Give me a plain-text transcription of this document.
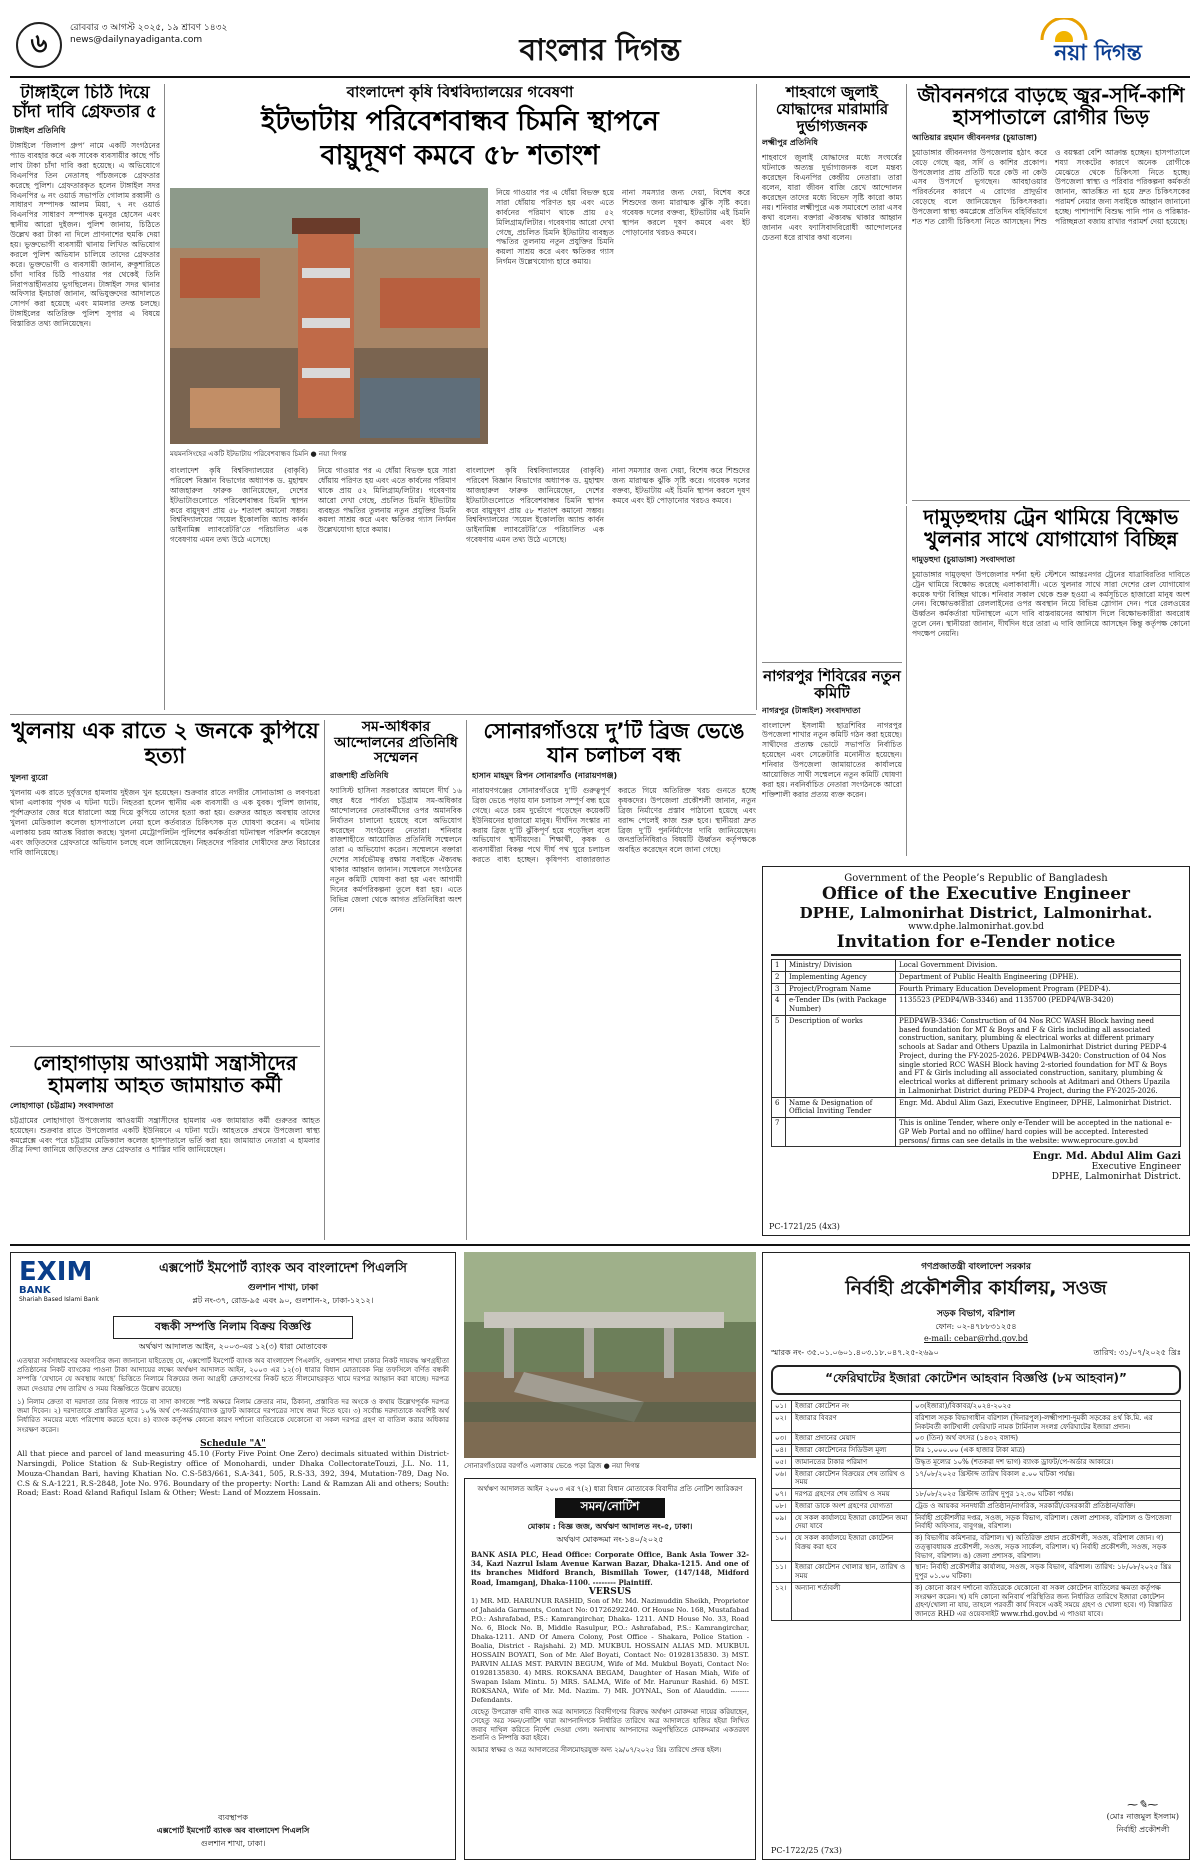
৬
রোববার ৩ আগস্ট ২০২৫, ১৯ শ্রাবণ ১৪৩২
news@dailynayadiganta.com	বাংলার দিগন্ত	নয়া দিগন্ত
টাঙ্গাইলে চিঠি দিয়ে চাঁদা দাবি গ্রেফতার ৫
টাঙ্গাইল প্রতিনিধি
টাঙ্গাইলে ‘জিলাপ গ্রুপ’ নামে একটি সংগঠনের প্যাড ব্যবহার করে এক সাবেক ব্যবসায়ীর কাছে পাঁচ লাখ টাকা চাঁদা দাবি করা হয়েছে। এ অভিযোগে বিএনপির তিন নেতাসহ পাঁচজনকে গ্রেফতার করেছে পুলিশ। গ্রেফতারকৃত হলেন টাঙ্গাইল সদর বিএনপির ৬ নং ওয়ার্ড সভাপতি গোলাম রব্বানী ও সাধারণ সম্পাদক আলম মিয়া, ৭ নং ওয়ার্ড বিএনপির সাধারণ সম্পাদক মুনসুর হোসেন এবং স্থানীয় আরো দুইজন। পুলিশ জানায়, চিঠিতে উল্লেখ করা টাকা না দিলে প্রাণনাশের হুমকি দেয়া হয়। ভুক্তভোগী ব্যবসায়ী থানায় লিখিত অভিযোগ করলে পুলিশ অভিযান চালিয়ে তাদের গ্রেফতার করে। ভুক্তভোগী ও ব্যবসায়ী জানান, রুকুশারিতে চাঁদা দাবির চিঠি পাওয়ার পর থেকেই তিনি নিরাপত্তাহীনতায় ভুগছিলেন। টাঙ্গাইল সদর থানার অফিসার ইনচার্জ জানান, অভিযুক্তদের আদালতে সোপর্দ করা হয়েছে এবং মামলার তদন্ত চলছে। টাঙ্গাইলের অতিরিক্ত পুলিশ সুপার এ বিষয়ে বিস্তারিত তথ্য জানিয়েছেন।
বাংলাদেশ কৃষি বিশ্ববিদ্যালয়ের গবেষণা
ইটভাটায় পরিবেশবান্ধব চিমনি স্থাপনে
বায়ুদূষণ কমবে ৫৮ শতাংশ
ময়মনসিংহের একটি ইটভাটায় পরিবেশবান্ধব চিমনি ● নয়া দিগন্ত
বাংলাদেশ কৃষি বিশ্ববিদ্যালয়ের (বাকৃবি) পরিবেশ বিজ্ঞান বিভাগের অধ্যাপক ড. মুহাম্মদ আজহারুল ফারুক জানিয়েছেন, দেশের ইটভাটাগুলোতে পরিবেশবান্ধব চিমনি স্থাপন করে বায়ুদূষণ প্রায় ৫৮ শতাংশ কমানো সম্ভব। বিশ্ববিদ্যালয়ের ‘সয়েল ইকোলজি অ্যান্ড কার্বন ডাইনামিক্স ল্যাবরেটরি’তে পরিচালিত এক গবেষণায় এমন তথ্য উঠে এসেছে।
নিয়ে গাওয়ার পর এ ধোঁয়া বিভক্ত হয়ে সারা ধোঁয়ায় পরিণত হয় এবং এতে কার্বনের পরিমাণ থাকে প্রায় ৫২ মিলিগ্রাম/লিটার। গবেষণায় আরো দেখা গেছে, প্রচলিত চিমনি ইটভাটায় ব্যবহৃত পদ্ধতির তুলনায় নতুন প্রযুক্তির চিমনি কয়লা সাশ্রয় করে এবং ক্ষতিকর গ্যাস নির্গমন উল্লেখযোগ্য হারে কমায়।
নিয়ে গাওয়ার পর এ ধোঁয়া বিভক্ত হয়ে সারা ধোঁয়ায় পরিণত হয় এবং এতে কার্বনের পরিমাণ থাকে প্রায় ৫২ মিলিগ্রাম/লিটার। গবেষণায় আরো দেখা গেছে, প্রচলিত চিমনি ইটভাটায় ব্যবহৃত পদ্ধতির তুলনায় নতুন প্রযুক্তির চিমনি কয়লা সাশ্রয় করে এবং ক্ষতিকর গ্যাস নির্গমন উল্লেখযোগ্য হারে কমায়।
নানা সমস্যার জন্য দেয়া, বিশেষ করে শিশুদের জন্য মারাত্মক ঝুঁকি সৃষ্টি করে। গবেষক দলের বক্তব্য, ইটভাটায় এই চিমনি স্থাপন করলে দূষণ কমবে এবং ইট পোড়ানোর খরচও কমবে।
বাংলাদেশ কৃষি বিশ্ববিদ্যালয়ের (বাকৃবি) পরিবেশ বিজ্ঞান বিভাগের অধ্যাপক ড. মুহাম্মদ আজহারুল ফারুক জানিয়েছেন, দেশের ইটভাটাগুলোতে পরিবেশবান্ধব চিমনি স্থাপন করে বায়ুদূষণ প্রায় ৫৮ শতাংশ কমানো সম্ভব। বিশ্ববিদ্যালয়ের ‘সয়েল ইকোলজি অ্যান্ড কার্বন ডাইনামিক্স ল্যাবরেটরি’তে পরিচালিত এক গবেষণায় এমন তথ্য উঠে এসেছে।
নানা সমস্যার জন্য দেয়া, বিশেষ করে শিশুদের জন্য মারাত্মক ঝুঁকি সৃষ্টি করে। গবেষক দলের বক্তব্য, ইটভাটায় এই চিমনি স্থাপন করলে দূষণ কমবে এবং ইট পোড়ানোর খরচও কমবে।
শাহবাগে জুলাই যোদ্ধাদের মারামারি দুর্ভাগ্যজনক
লক্ষ্মীপুর প্রতিনিধি
শাহবাগে জুলাই যোদ্ধাদের মধ্যে সংঘর্ষের ঘটনাকে অত্যন্ত দুর্ভাগ্যজনক বলে মন্তব্য করেছেন বিএনপির কেন্দ্রীয় নেতারা। তারা বলেন, যারা জীবন বাজি রেখে আন্দোলন করেছেন তাদের মধ্যে বিভেদ সৃষ্টি কারো কাম্য নয়। শনিবার লক্ষ্মীপুরে এক সমাবেশে তারা এসব কথা বলেন। বক্তারা ঐক্যবদ্ধ থাকার আহ্বান জানান এবং ফ্যাসিবাদবিরোধী আন্দোলনের চেতনা ধরে রাখার কথা বলেন।
জীবননগরে বাড়ছে জ্বর-সর্দি-কাশি হাসপাতালে রোগীর ভিড়
আতিয়ার রহমান জীবননগর (চুয়াডাঙ্গা)
চুয়াডাঙ্গার জীবননগর উপজেলায় হঠাৎ করে বেড়ে গেছে জ্বর, সর্দি ও কাশির প্রকোপ। উপজেলার প্রায় প্রতিটি ঘরে কেউ না কেউ এসব উপসর্গে ভুগছেন। আবহাওয়ার পরিবর্তনের কারণে এ রোগের প্রাদুর্ভাব বেড়েছে বলে জানিয়েছেন চিকিৎসকরা। উপজেলা স্বাস্থ্য কমপ্লেক্সে প্রতিদিন বহির্বিভাগে শত শত রোগী চিকিৎসা নিতে আসছেন। শিশু ও বয়স্করা বেশি আক্রান্ত হচ্ছেন। হাসপাতালে শয্যা সংকটের কারণে অনেক রোগীকে মেঝেতে থেকে চিকিৎসা নিতে হচ্ছে। উপজেলা স্বাস্থ্য ও পরিবার পরিকল্পনা কর্মকর্তা জানান, আতঙ্কিত না হয়ে দ্রুত চিকিৎসকের পরামর্শ নেয়ার জন্য সবাইকে আহ্বান জানানো হচ্ছে। পাশাপাশি বিশুদ্ধ পানি পান ও পরিষ্কার-পরিচ্ছন্নতা বজায় রাখার পরামর্শ দেয়া হয়েছে।
দামুড়হুদায় ট্রেন থামিয়ে বিক্ষোভ খুলনার সাথে যোগাযোগ বিচ্ছিন্ন
দামুড়হুদা (চুয়াডাঙ্গা) সংবাদদাতা
চুয়াডাঙ্গার দামুড়হুদা উপজেলার দর্শনা হল্ট স্টেশনে আন্তঃনগর ট্রেনের যাত্রাবিরতির দাবিতে ট্রেন থামিয়ে বিক্ষোভ করেছে এলাকাবাসী। এতে খুলনার সাথে সারা দেশের রেল যোগাযোগ কয়েক ঘণ্টা বিচ্ছিন্ন থাকে। শনিবার সকাল থেকে শুরু হওয়া এ কর্মসূচিতে হাজারো মানুষ অংশ নেন। বিক্ষোভকারীরা রেললাইনের ওপর অবস্থান নিয়ে বিভিন্ন স্লোগান দেন। পরে রেলওয়ের ঊর্ধ্বতন কর্মকর্তারা ঘটনাস্থলে এসে দাবি বাস্তবায়নের আশ্বাস দিলে বিক্ষোভকারীরা অবরোধ তুলে নেন। স্থানীয়রা জানান, দীর্ঘদিন ধরে তারা এ দাবি জানিয়ে আসছেন কিন্তু কর্তৃপক্ষ কোনো পদক্ষেপ নেয়নি।
নাগরপুর শিবিরের নতুন কমিটি
নাগরপুর (টাঙ্গাইল) সংবাদদাতা
বাংলাদেশ ইসলামী ছাত্রশিবির নাগরপুর উপজেলা শাখার নতুন কমিটি গঠন করা হয়েছে। সাথীদের প্রত্যক্ষ ভোটে সভাপতি নির্বাচিত হয়েছেন এবং সেক্রেটারি মনোনীত হয়েছেন। শনিবার উপজেলা জামায়াতের কার্যালয়ে আয়োজিত সাথী সম্মেলনে নতুন কমিটি ঘোষণা করা হয়। নবনির্বাচিত নেতারা সংগঠনকে আরো শক্তিশালী করার প্রত্যয় ব্যক্ত করেন।
খুলনায় এক রাতে ২ জনকে কুপিয়ে হত্যা
খুলনা ব্যুরো
খুলনায় এক রাতে দুর্বৃত্তদের হামলায় দুইজন খুন হয়েছেন। শুক্রবার রাতে নগরীর সোনাডাঙ্গা ও লবণচরা থানা এলাকায় পৃথক এ ঘটনা ঘটে। নিহতরা হলেন স্থানীয় এক ব্যবসায়ী ও এক যুবক। পুলিশ জানায়, পূর্বশত্রুতার জের ধরে ধারালো অস্ত্র দিয়ে কুপিয়ে তাদের হত্যা করা হয়। গুরুতর আহত অবস্থায় তাদের খুলনা মেডিক্যাল কলেজ হাসপাতালে নেয়া হলে কর্তব্যরত চিকিৎসক মৃত ঘোষণা করেন। এ ঘটনায় এলাকায় চরম আতঙ্ক বিরাজ করছে। খুলনা মেট্রোপলিটন পুলিশের কর্মকর্তারা ঘটনাস্থল পরিদর্শন করেছেন এবং জড়িতদের গ্রেফতারে অভিযান চলছে বলে জানিয়েছেন। নিহতদের পরিবার দোষীদের দ্রুত বিচারের দাবি জানিয়েছে।
সম-অধিকার আন্দোলনের প্রতিনিধি সম্মেলন
রাজশাহী প্রতিনিধি
ফ্যাসিস্ট হাসিনা সরকারের আমলে দীর্ঘ ১৬ বছর ধরে পার্বত্য চট্টগ্রাম সম-অধিকার আন্দোলনের নেতাকর্মীদের ওপর অমানবিক নির্যাতন চালানো হয়েছে বলে অভিযোগ করেছেন সংগঠনের নেতারা। শনিবার রাজশাহীতে আয়োজিত প্রতিনিধি সম্মেলনে তারা এ অভিযোগ করেন। সম্মেলনে বক্তারা দেশের সার্বভৌমত্ব রক্ষায় সবাইকে ঐক্যবদ্ধ থাকার আহ্বান জানান। সম্মেলনে সংগঠনের নতুন কমিটি ঘোষণা করা হয় এবং আগামী দিনের কর্মপরিকল্পনা তুলে ধরা হয়। এতে বিভিন্ন জেলা থেকে আগত প্রতিনিধিরা অংশ নেন।
সোনারগাঁওয়ে দু’টি ব্রিজ ভেঙে যান চলাচল বন্ধ
হাসান মাহমুদ রিপন সোনারগাঁও (নারায়ণগঞ্জ)
নারায়ণগঞ্জের সোনারগাঁওয়ে দু’টি গুরুত্বপূর্ণ ব্রিজ ভেঙে পড়ায় যান চলাচল সম্পূর্ণ বন্ধ হয়ে গেছে। এতে চরম দুর্ভোগে পড়েছেন কয়েকটি ইউনিয়নের হাজারো মানুষ। দীর্ঘদিন সংস্কার না করায় ব্রিজ দু’টি ঝুঁকিপূর্ণ হয়ে পড়েছিল বলে অভিযোগ স্থানীয়দের। শিক্ষার্থী, কৃষক ও ব্যবসায়ীরা বিকল্প পথে দীর্ঘ পথ ঘুরে চলাচল করতে বাধ্য হচ্ছেন। কৃষিপণ্য বাজারজাত করতে গিয়ে অতিরিক্ত খরচ গুনতে হচ্ছে কৃষকদের। উপজেলা প্রকৌশলী জানান, নতুন ব্রিজ নির্মাণের প্রস্তাব পাঠানো হয়েছে এবং বরাদ্দ পেলেই কাজ শুরু হবে। স্থানীয়রা দ্রুত ব্রিজ দু’টি পুনর্নির্মাণের দাবি জানিয়েছেন। জনপ্রতিনিধিরাও বিষয়টি ঊর্ধ্বতন কর্তৃপক্ষকে অবহিত করেছেন বলে জানা গেছে।
লোহাগাড়ায় আওয়ামী সন্ত্রাসীদের হামলায় আহত জামায়াত কর্মী
লোহাগাড়া (চট্টগ্রাম) সংবাদদাতা
চট্টগ্রামের লোহাগাড়া উপজেলায় আওয়ামী সন্ত্রাসীদের হামলায় এক জামায়াত কর্মী গুরুতর আহত হয়েছেন। শুক্রবার রাতে উপজেলার একটি ইউনিয়নে এ ঘটনা ঘটে। আহতকে প্রথমে উপজেলা স্বাস্থ্য কমপ্লেক্সে এবং পরে চট্টগ্রাম মেডিক্যাল কলেজ হাসপাতালে ভর্তি করা হয়। জামায়াত নেতারা এ হামলার তীব্র নিন্দা জানিয়ে জড়িতদের দ্রুত গ্রেফতার ও শাস্তির দাবি জানিয়েছেন।
Government of the People’s Republic of Bangladesh
Office of the Executive Engineer
DPHE, Lalmonirhat District, Lalmonirhat.
www.dphe.lalmonirhat.gov.bd
Invitation for e-Tender notice
1	Ministry/ Division	Local Government Division.
2	Implementing Agency	Department of Public Health Engineering (DPHE).
3	Project/Program Name	Fourth Primary Education Development Program (PEDP-4).
4	e-Tender IDs (with Package Number)	1135523 (PEDP4/WB-3346) and 1135700 (PEDP4/WB-3420)
5	Description of works	PEDP4WB-3346: Construction of 04 Nos RCC WASH Block having need based foundation for MT & Boys and F & Girls including all associated construction, sanitary, plumbing & electrical works at different primary schools at Sadar and Others Upazila in Lalmonirhat District during PEDP-4 Project, during the FY-2025-2026. PEDP4WB-3420: Construction of 04 Nos single storied RCC WASH Block having 2-storied foundation for MT & Boys and FT & Girls including all associated construction, sanitary, plumbing & electrical works at different primary schools at Aditmari and Others Upazila in Lalmonirhat District during PEDP-4 Project, during the FY-2025-2026.
6	Name & Designation of Official Inviting Tender	Engr. Md. Abdul Alim Gazi, Executive Engineer, DPHE, Lalmonirhat District.
7		This is online Tender, where only e-Tender will be accepted in the national e-GP Web Portal and no offline/ hard copies will be accepted. Interested persons/ firms can see details in the website: www.eprocure.gov.bd
Engr. Md. Abdul Alim Gazi
Executive Engineer
DPHE, Lalmonirhat District.
PC-1721/25 (4x3)
EXIM
BANK
Shariah Based Islami Bank
এক্সপোর্ট ইমপোর্ট ব্যাংক অব বাংলাদেশ পিএলসি
গুলশান শাখা, ঢাকা
প্লট নং-৩৭, রোড-৯৫ এবং ৯০, গুলশান-২, ঢাকা-১২১২।
বন্ধকী সম্পত্তি নিলাম বিক্রয় বিজ্ঞপ্তি
অর্থঋণ আদালত আইন, ২০০৩-এর ১২(৩) ধারা মোতাবেক
এতদ্বারা সর্বসাধারণের অবগতির জন্য জানানো যাইতেছে যে, এক্সপোর্ট ইমপোর্ট ব্যাংক অব বাংলাদেশ পিএলসি, গুলশান শাখা ঢাকার নিকট দায়বদ্ধ ঋণগ্রহীতা প্রতিষ্ঠানের নিকট ব্যাংকের পাওনা টাকা আদায়ের লক্ষ্যে অর্থঋণ আদালত আইন, ২০০৩ এর ১২(৩) ধারার বিধান মোতাবেক নিম্ন তফসিলে বর্ণিত বন্ধকী সম্পত্তি ‘যেখানে যে অবস্থায় আছে’ ভিত্তিতে নিলামে বিক্রয়ের জন্য আগ্রহী ক্রেতাগণের নিকট হতে সীলমোহরকৃত খামে দরপত্র আহ্বান করা যাচ্ছে। দরপত্র জমা দেওয়ার শেষ তারিখ ও সময় বিজ্ঞপ্তিতে উল্লেখ রয়েছে।
১) নিলাম ক্রেতা বা দরদাতা তার নিজস্ব প্যাডে বা সাদা কাগজে স্পষ্ট অক্ষরে নিলাম ক্রেতার নাম, ঠিকানা, প্রস্তাবিত দর অংকে ও কথায় উল্লেখপূর্বক দরপত্র জমা দিবেন। ২) দরদাতাকে প্রস্তাবিত মূল্যের ১০% অর্থ পে-অর্ডার/ব্যাংক ড্রাফট আকারে দরপত্রের সাথে জমা দিতে হবে। ৩) সর্বোচ্চ দরদাতাকে অবশিষ্ট অর্থ নির্ধারিত সময়ের মধ্যে পরিশোধ করতে হবে। ৪) ব্যাংক কর্তৃপক্ষ কোনো কারণ দর্শানো ব্যতিরেকে যেকোনো বা সকল দরপত্র গ্রহণ বা বাতিল করার অধিকার সংরক্ষণ করেন।
Schedule "A"
All that piece and parcel of land measuring 45.10 (Forty Five Point One Zero) decimals situated within District-Narsingdi, Police Station & Sub-Registry office of Monohardi, under Dhaka CollectorateTouzi, J.L. No. 11, Mouza-Chandan Bari, having Khatian No. C.S-583/661, S.A-341, 505, R.S-33, 392, 394, Mutation-789, Dag No. C.S & S.A-1221, R.S-2848, Jote No. 976. Boundary of the property: North: Land & Ramzan Ali and others; South: Road; East: Road &land Rafiqul Islam & Other; West: Land of Mozzem Hossain.
ব্যবস্থাপক
এক্সপোর্ট ইমপোর্ট ব্যাংক অব বাংলাদেশ পিএলসি
গুলশান শাখা, ঢাকা।
সোনারগাঁওয়ের বরগাঁও এলাকায় ভেঙে পড়া ব্রিজ ● নয়া দিগন্ত
অর্থঋণ আদালত আইন ২০০৩ এর ৭(২) ধারা বিধান মোতাবেক বিবাদীর প্রতি নোটিশ জারিকরণ
সমন/নোটিশ
মোকাম : বিজ্ঞ জজ, অর্থঋণ আদালত নং-৫, ঢাকা।
অর্থঋণ মোকদ্দমা নং-১৪০/২০২৫
BANK ASIA PLC, Head Office: Corporate Office, Bank Asia Tower 32- 34, Kazi Nazrul Islam Avenue Karwan Bazar, Dhaka-1215. And one of its branches Midford Branch, Bismillah Tower, (147/148, Midford Road, Imamganj, Dhaka-1100. -------- Plaintiff.
VERSUS
1) MR. MD. HARUNUR RASHID, Son of Mr. Md. Nazimuddin Sheikh, Proprietor of Jahaida Garments, Contact No: 01726292240. Of House No. 168, Mustafabad P.O.: Ashrafabad, P.S.: Kamrangirchar, Dhaka- 1211. AND House No. 33, Road No. 6, Block No. B, Middle Rasulpur, P.O.: Ashrafabad, P.S.: Kamrangirchar, Dhaka-1211. AND Of Amera Colony, Post Office - Shakara, Police Station - Boalia, District - Rajshahi. 2) MD. MUKBUL HOSSAIN ALIAS MD. MUKBUL HOSSAIN BOYATI, Son of Mr. Alef Boyati, Contact No: 01928135830. 3) MST. PARVIN ALIAS MST. PARVIN BEGUM, Wife of Md. Mukbul Boyati, Contact No: 01928135830. 4) MRS. ROKSANA BEGAM, Daughter of Hasan Miah, Wife of Swapan Islam Mintu. 5) MRS. SALMA, Wife of Mr. Harunur Rashid. 6) MST. ROKSANA, Wife of Mr. Md. Nazim. 7) MR. JOYNAL, Son of Alauddin. -------- Defendants.
যেহেতু উপরোক্ত বাদী ব্যাংক অত্র আদালতে বিবাদীগণের বিরুদ্ধে অর্থঋণ মোকদ্দমা দায়ের করিয়াছেন, সেহেতু অত্র সমন/নোটিশ দ্বারা আপনাদিগকে নির্ধারিত তারিখে অত্র আদালতে হাজির হইয়া লিখিত জবাব দাখিল করিতে নির্দেশ দেওয়া গেল। অন্যথায় আপনাদের অনুপস্থিতিতে মোকদ্দমার একতরফা শুনানি ও নিষ্পত্তি করা হইবে।
আমার স্বাক্ষর ও অত্র আদালতের সীলমোহরযুক্ত অদ্য ২৯/০৭/২০২৫ খ্রিঃ তারিখে প্রদত্ত হইল।
গণপ্রজাতন্ত্রী বাংলাদেশ সরকার
নির্বাহী প্রকৌশলীর কার্যালয়, সওজ
সড়ক বিভাগ, বরিশাল
ফোন: ০২-৪৭৮৮৩১২৫৪
e-mail: cebar@rhd.gov.bd
স্মারক নং- ৩৫.০১.০৬০১.৪০৩.১৮.০৪৭.২৫-২৬৯০	তারিখ: ৩১/০৭/২০২৫ খ্রিঃ
“ফেরিঘাটের ইজারা কোটেশন আহবান বিজ্ঞপ্তি (৮ম আহবান)”
০১।	ইজারা কোটেশন নং	০৩(ইজারা)/বিকাবর/২০২৪-২০২৫
০২।	ইজারার বিবরণ	বরিশাল সড়ক বিভাগাধীন বরিশাল (দিনারপুল)-লক্ষ্মীপাশা-দুমকী সড়কের ৪র্থ কি.মি. এর নিকটবর্তী কাটিখালী ফেরিঘাট নামক টার্মিনাল সংলগ্ন ফেরিঘাটের ইজারা প্রদান।
০৩।	ইজারা প্রদানের মেয়াদ	০৩ (তিন) অর্থ বৎসর (১৪৩২ বঙ্গাব্দ)
০৪।	ইজারা কোটেশনের সিডিউল মূল্য	টাঃ ১,০০০.০০ (এক হাজার টাকা মাত্র)
০৫।	জামানতের টাকার পরিমাণ	উদ্ধৃত মূল্যের ১০% (শতকরা দশ ভাগ) ব্যাংক ড্রাফট/পে-অর্ডার আকারে।
০৬।	ইজারা কোটেশন বিক্রয়ের শেষ তারিখ ও সময়	১৭/০৮/২০২৫ খ্রিস্টাব্দ তারিখ বিকাল ৫.০০ ঘটিকা পর্যন্ত।
০৭।	দরপত্র গ্রহণের শেষ তারিখ ও সময়	১৮/০৮/২০২৫ খ্রিস্টাব্দ তারিখ দুপুর ১২.৩০ ঘটিকা পর্যন্ত।
০৮।	ইজারা ডাকে অংশ গ্রহণের যোগ্যতা	ট্রেড ও আয়কর সনদধারী প্রতিষ্ঠান/নাগরিক, সরকারী/বেসরকারী প্রতিষ্ঠান/ব্যক্তি।
০৯।	যে সকল কার্যালয়ে ইজারা কোটেশন জমা দেয়া যাবে	নির্বাহী প্রকৌশলীর দপ্তর, সওজ, সড়ক বিভাগ, বরিশাল। জেলা প্রশাসক, বরিশাল ও উপজেলা নির্বাহী অফিসার, বাবুগঞ্জ, বরিশাল।
১০।	যে সকল কার্যালয়ে ইজারা কোটেশন বিক্রয় করা হবে	ক) বিভাগীয় কমিশনার, বরিশাল। খ) অতিরিক্ত প্রধান প্রকৌশলী, সওজ, বরিশাল জোন। গ) তত্ত্বাবধায়ক প্রকৌশলী, সওজ, সড়ক সার্কেল, বরিশাল। ঘ) নির্বাহী প্রকৌশলী, সওজ, সড়ক বিভাগ, বরিশাল। ঙ) জেলা প্রশাসক, বরিশাল।
১১।	ইজারা কোটেশন খোলার স্থান, তারিখ ও সময়	স্থান: নির্বাহী প্রকৌশলীর কার্যালয়, সওজ, সড়ক বিভাগ, বরিশাল। তারিখ: ১৮/০৮/২০২৫ খ্রিঃ দুপুর ০১.০০ ঘটিকা।
১২।	অন্যান্য শর্তাবলী	ক) কোনো কারণ দর্শানো ব্যতিরেকে যেকোনো বা সকল কোটেশন বাতিলের ক্ষমতা কর্তৃপক্ষ সংরক্ষণ করেন। খ) যদি কোনো অনিবার্য পরিস্থিতির জন্য নির্ধারিত তারিখে ইজারা কোটেশন গ্রহণ/খোলা না যায়, তাহলে পরবর্তী কার্য দিবসে একই সময়ে গ্রহণ ও খোলা হবে। গ) বিস্তারিত জানতে RHD এর ওয়েবসাইট www.rhd.gov.bd এ পাওয়া যাবে।
⁓✎⁓
(মোঃ নাজমুল ইসলাম)
নির্বাহী প্রকৌশলী
PC-1722/25 (7x3)
